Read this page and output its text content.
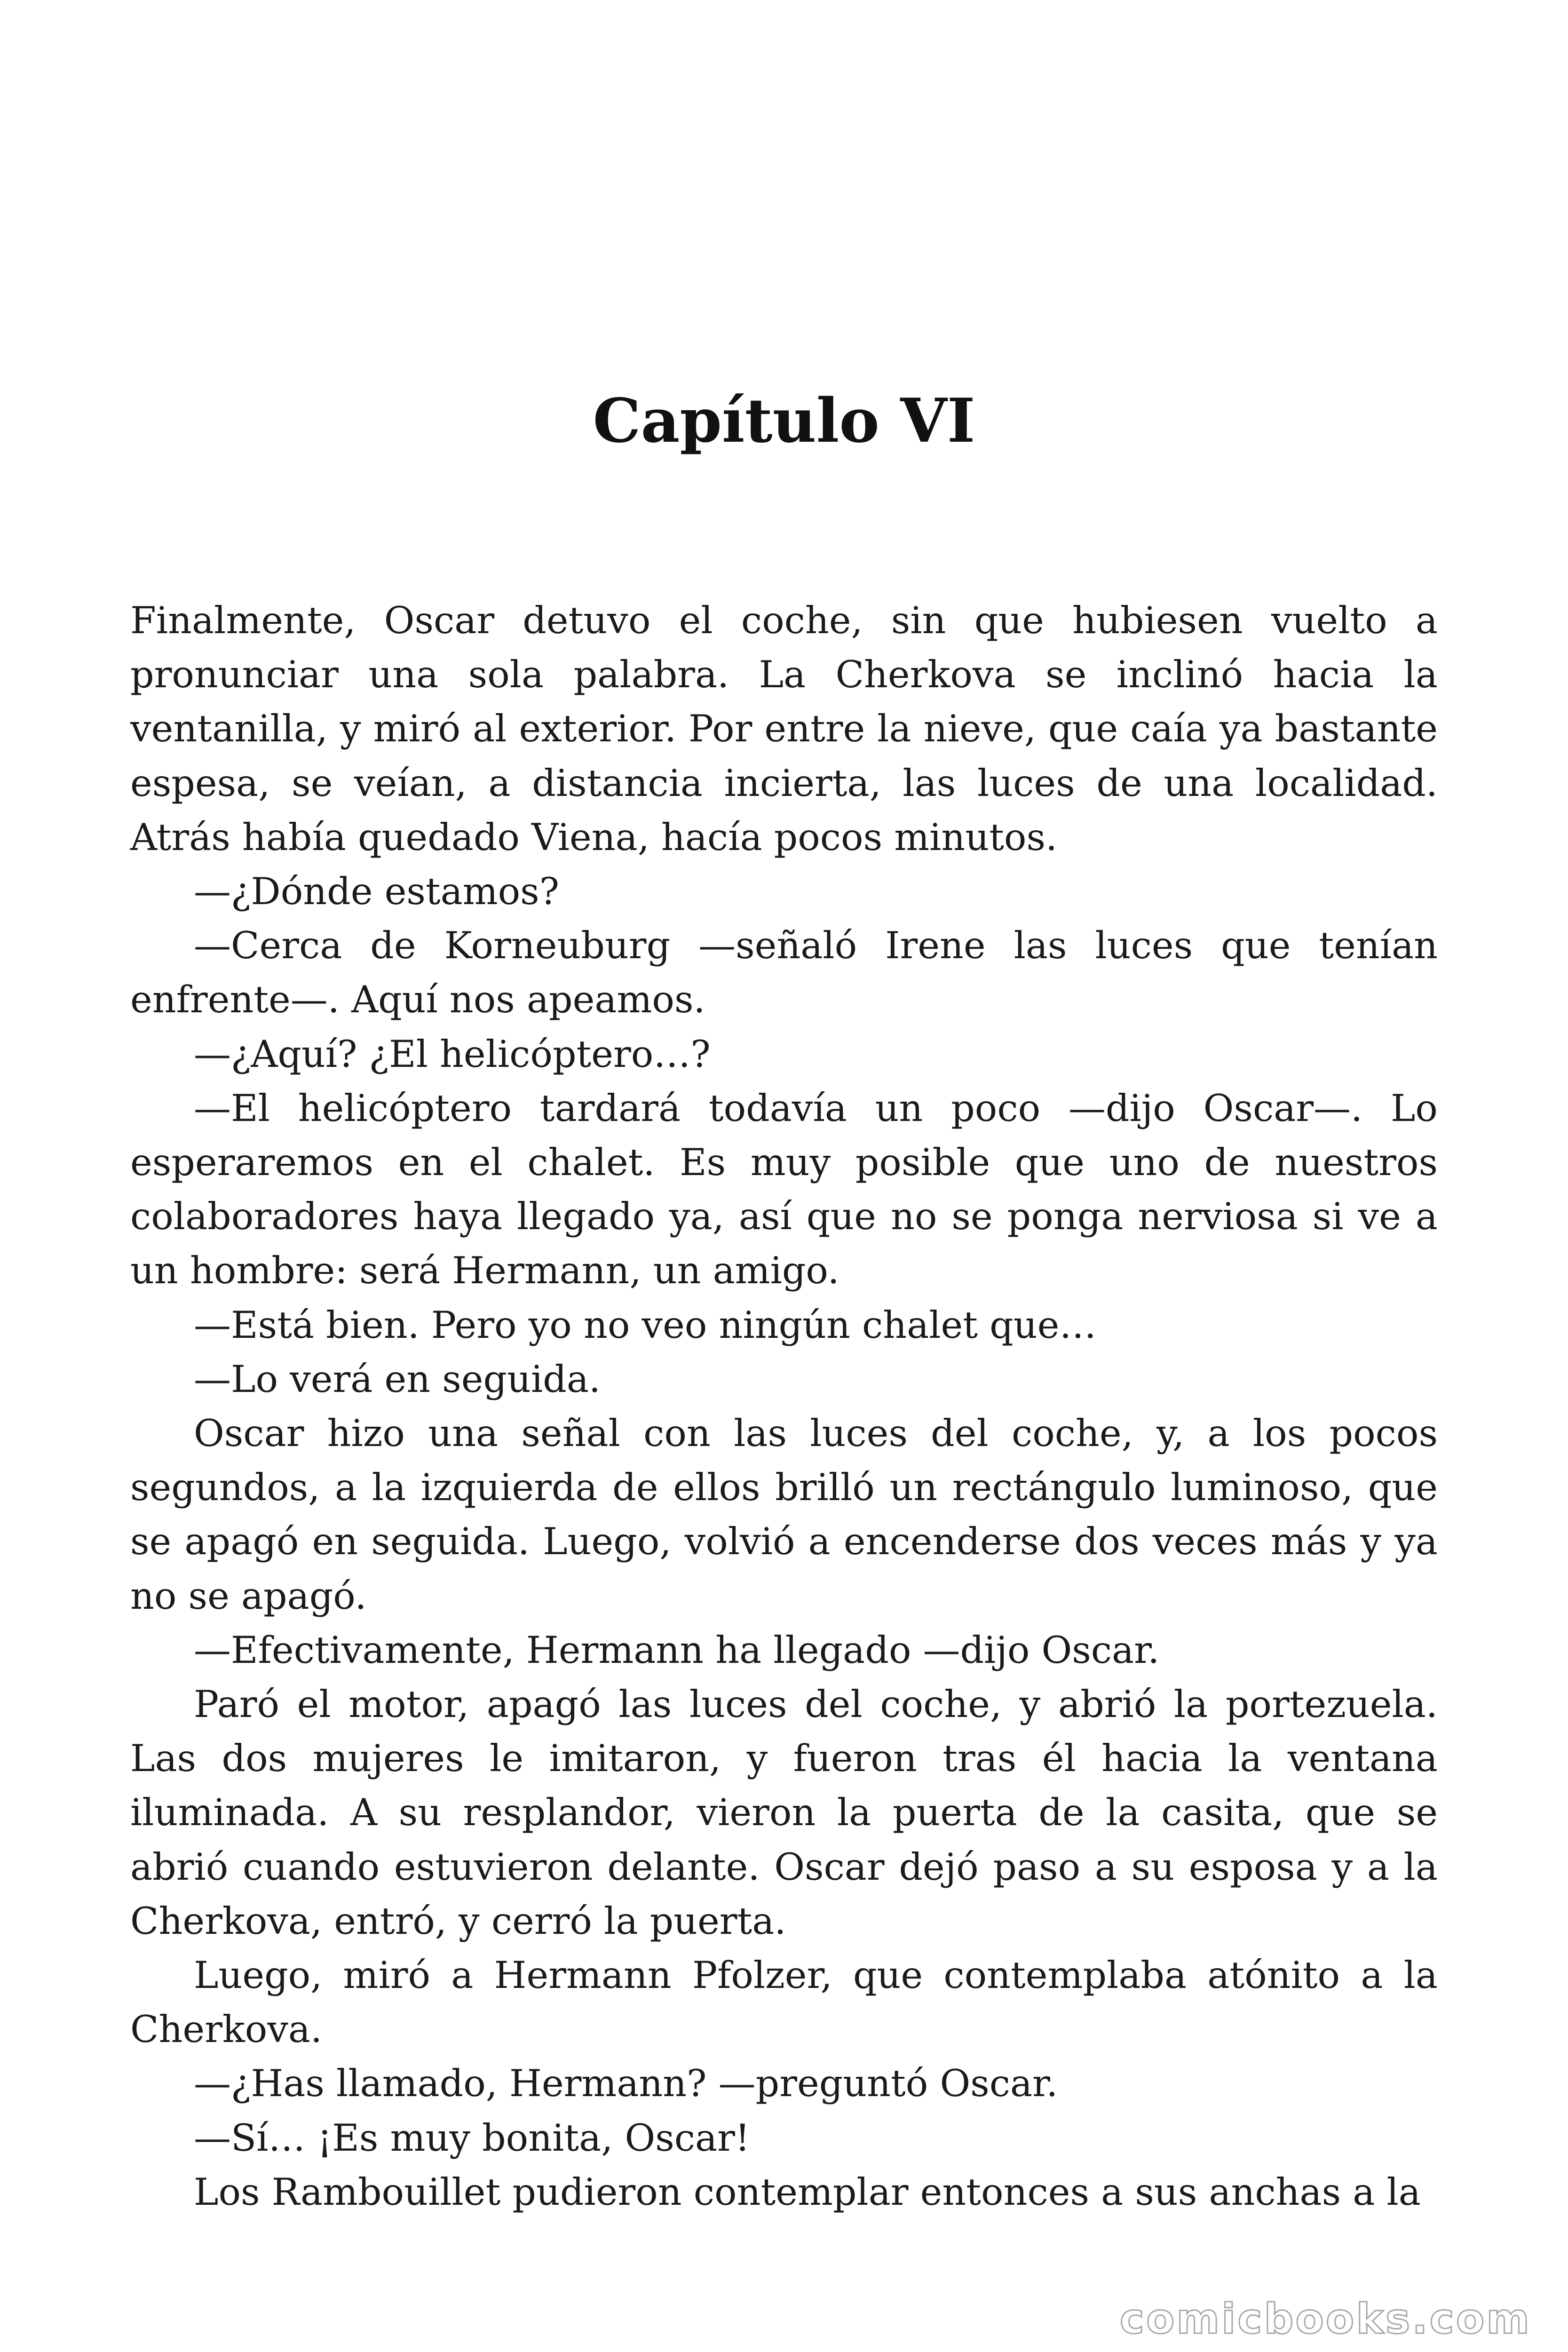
Capítulo VI

Finalmente, Oscar detuvo el coche, sin que hubiesen vuelto a pronunciar una sola palabra. La Cherkova se inclinó hacia la ventanilla, y miró al exterior. Por entre la nieve, que caía ya bastante espesa, se veían, a distancia incierta, las luces de una localidad. Atrás había quedado Viena, hacía pocos minutos.

—¿Dónde estamos?

—Cerca de Korneuburg —señaló Irene las luces que tenían enfrente—. Aquí nos apeamos.

—¿Aquí? ¿El helicóptero…?

—El helicóptero tardará todavía un poco —dijo Oscar—. Lo esperaremos en el chalet. Es muy posible que uno de nuestros colaboradores haya llegado ya, así que no se ponga nerviosa si ve a un hombre: será Hermann, un amigo.

—Está bien. Pero yo no veo ningún chalet que…

—Lo verá en seguida.

Oscar hizo una señal con las luces del coche, y, a los pocos segundos, a la izquierda de ellos brilló un rectángulo luminoso, que se apagó en seguida. Luego, volvió a encenderse dos veces más y ya no se apagó.

—Efectivamente, Hermann ha llegado —dijo Oscar.

Paró el motor, apagó las luces del coche, y abrió la portezuela. Las dos mujeres le imitaron, y fueron tras él hacia la ventana iluminada. A su resplandor, vieron la puerta de la casita, que se abrió cuando estuvieron delante. Oscar dejó paso a su esposa y a la Cherkova, entró, y cerró la puerta.

Luego, miró a Hermann Pfolzer, que contemplaba atónito a la Cherkova.

—¿Has llamado, Hermann? —preguntó Oscar.

—Sí… ¡Es muy bonita, Oscar!

Los Rambouillet pudieron contemplar entonces a sus anchas a la

comicbooks.com
